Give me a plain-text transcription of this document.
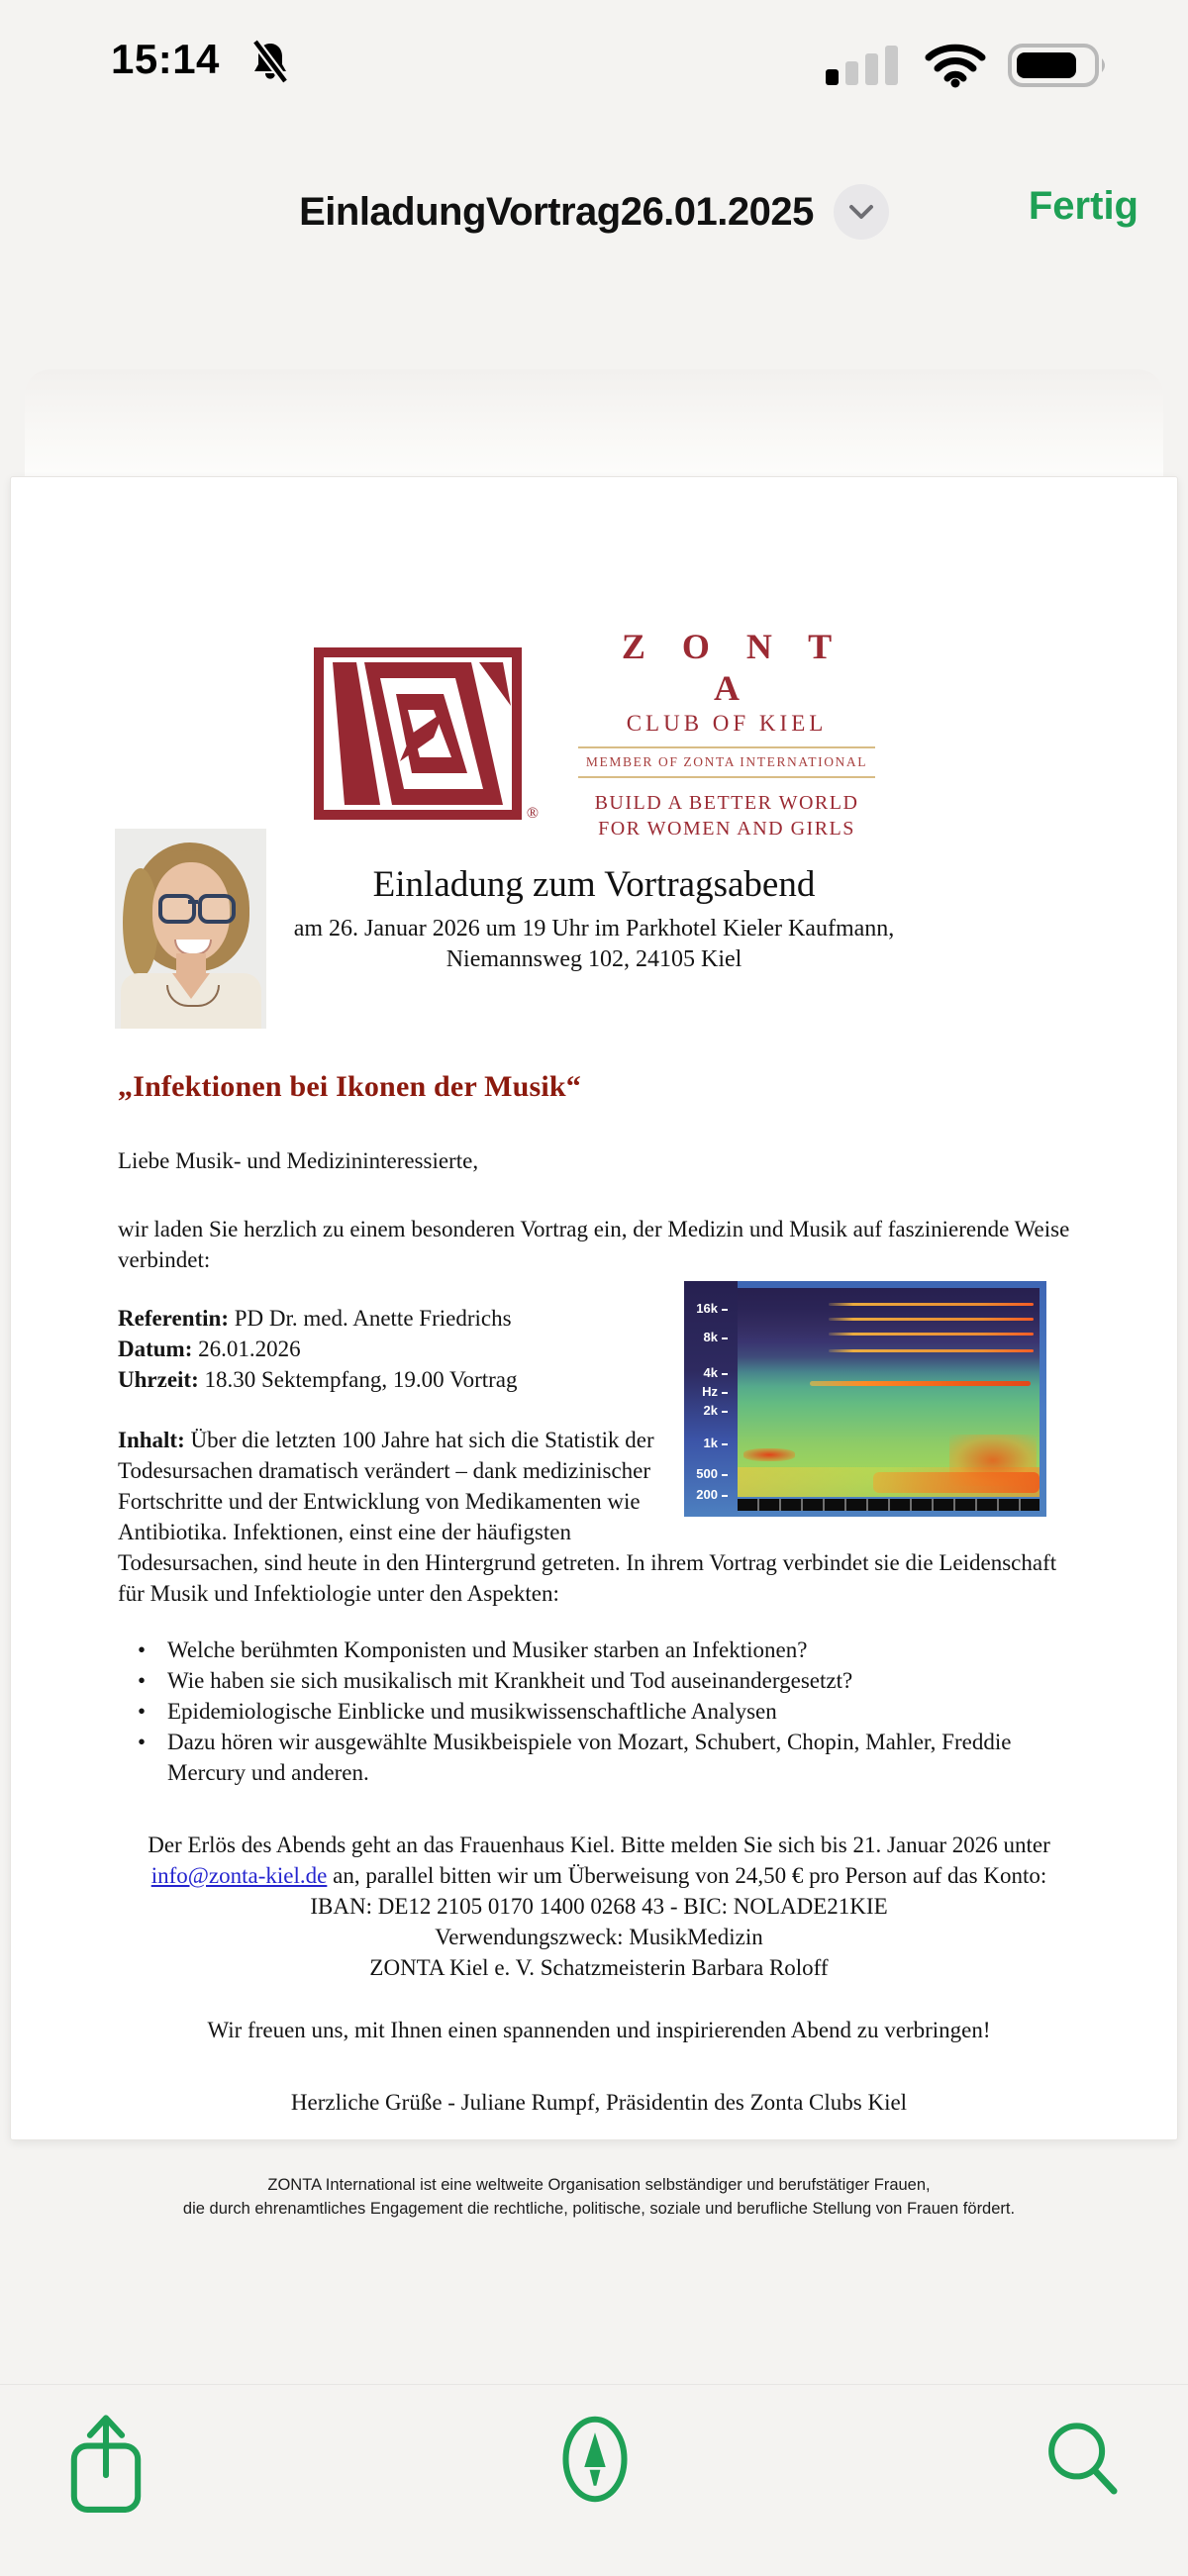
15:14
EinladungVortrag26.01.2025	Fertig
®
Z O N T A
CLUB OF KIEL
MEMBER OF ZONTA INTERNATIONAL
BUILD A BETTER WORLD
FOR WOMEN AND GIRLS
Einladung zum Vortragsabend
am 26. Januar 2026 um 19 Uhr im Parkhotel Kieler Kaufmann,
Niemannsweg 102, 24105 Kiel
„Infektionen bei Ikonen der Musik“
Liebe Musik- und Medizininteressierte,
wir laden Sie herzlich zu einem besonderen Vortrag ein, der Medizin und Musik auf faszinierende Weise verbindet:
16k
8k
4k
Hz
2k
1k
500
200
Referentin: PD Dr. med. Anette Friedrichs
Datum: 26.01.2026
Uhrzeit: 18.30 Sektempfang, 19.00 Vortrag
Inhalt: Über die letzten 100 Jahre hat sich die Statistik der Todesursachen dramatisch verändert – dank medizinischer Fortschritte und der Entwicklung von Medikamenten wie Antibiotika. Infektionen, einst eine der häufigsten Todesursachen, sind heute in den Hintergrund getreten. In ihrem Vortrag verbindet sie die Leidenschaft für Musik und Infektiologie unter den Aspekten:
• Welche berühmten Komponisten und Musiker starben an Infektionen?
• Wie haben sie sich musikalisch mit Krankheit und Tod auseinandergesetzt?
• Epidemiologische Einblicke und musikwissenschaftliche Analysen
• Dazu hören wir ausgewählte Musikbeispiele von Mozart, Schubert, Chopin, Mahler, Freddie Mercury und anderen.
Der Erlös des Abends geht an das Frauenhaus Kiel. Bitte melden Sie sich bis 21. Januar 2026 unter info@zonta-kiel.de an, parallel bitten wir um Überweisung von 24,50 € pro Person auf das Konto:
IBAN: DE12 2105 0170 1400 0268 43 - BIC: NOLADE21KIE
Verwendungszweck: MusikMedizin
ZONTA Kiel e. V. Schatzmeisterin Barbara Roloff
Wir freuen uns, mit Ihnen einen spannenden und inspirierenden Abend zu verbringen!
Herzliche Grüße - Juliane Rumpf, Präsidentin des Zonta Clubs Kiel
ZONTA International ist eine weltweite Organisation selbständiger und berufstätiger Frauen,
die durch ehrenamtliches Engagement die rechtliche, politische, soziale und berufliche Stellung von Frauen fördert.
